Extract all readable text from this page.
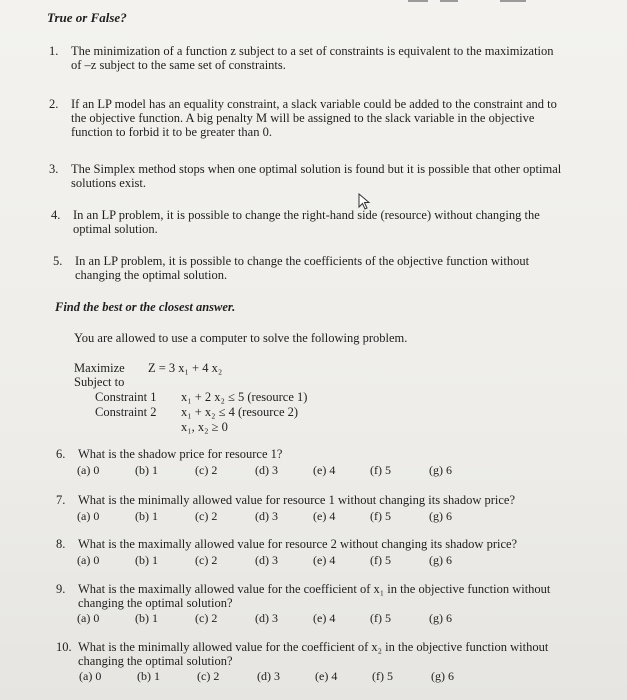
True or False?
1. The minimization of a function z subject to a set of constraints is equivalent to the maximization
of –z subject to the same set of constraints.
2. If an LP model has an equality constraint, a slack variable could be added to the constraint and to
the objective function. A big penalty M will be assigned to the slack variable in the objective
function to forbid it to be greater than 0.
3. The Simplex method stops when one optimal solution is found but it is possible that other optimal
solutions exist.
4. In an LP problem, it is possible to change the right-hand side (resource) without changing the
optimal solution.
5. In an LP problem, it is possible to change the coefficients of the objective function without
changing the optimal solution.
Find the best or the closest answer.
You are allowed to use a computer to solve the following problem.
Maximize Z = 3 x₁ + 4 x₂
Subject to
Constraint 1 x₁ + 2 x₂ ≤ 5 (resource 1)
Constraint 2 x₁ + x₂ ≤ 4 (resource 2)
x₁, x₂ ≥ 0
6. What is the shadow price for resource 1?
(a) 0	(b) 1	(c) 2	(d) 3	(e) 4	(f) 5	(g) 6
7. What is the minimally allowed value for resource 1 without changing its shadow price?
(a) 0	(b) 1	(c) 2	(d) 3	(e) 4	(f) 5	(g) 6
8. What is the maximally allowed value for resource 2 without changing its shadow price?
(a) 0	(b) 1	(c) 2	(d) 3	(e) 4	(f) 5	(g) 6
9. What is the maximally allowed value for the coefficient of x₁ in the objective function without
changing the optimal solution?
(a) 0	(b) 1	(c) 2	(d) 3	(e) 4	(f) 5	(g) 6
10. What is the minimally allowed value for the coefficient of x₂ in the objective function without
changing the optimal solution?
(a) 0	(b) 1	(c) 2	(d) 3	(e) 4	(f) 5	(g) 6
